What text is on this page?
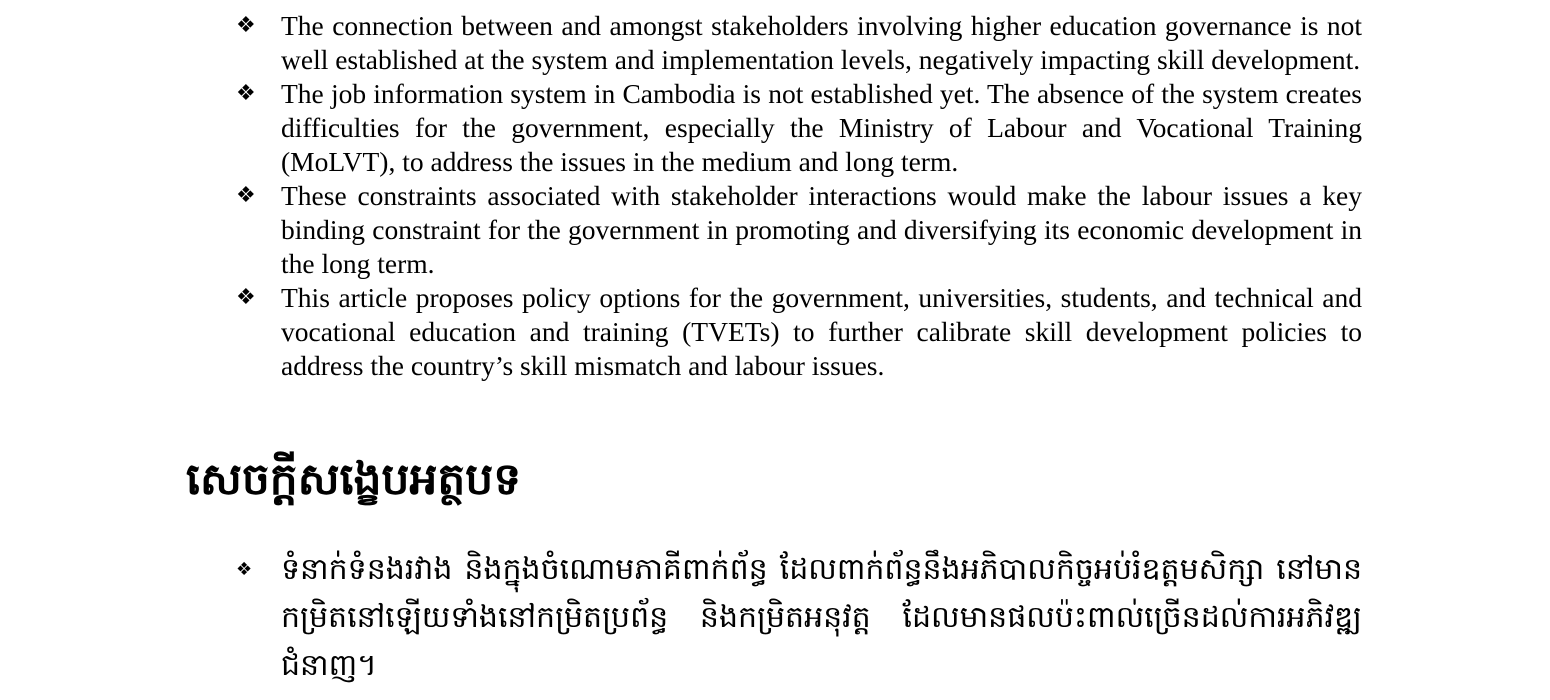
❖ The connection between and amongst stakeholders involving higher education governance is not well established at the system and implementation levels, negatively impacting skill development.
❖ The job information system in Cambodia is not established yet. The absence of the system creates difficulties for the government, especially the Ministry of Labour and Vocational Training (MoLVT), to address the issues in the medium and long term.
❖ These constraints associated with stakeholder interactions would make the labour issues a key binding constraint for the government in promoting and diversifying its economic development in the long term.
❖ This article proposes policy options for the government, universities, students, and technical and vocational education and training (TVETs) to further calibrate skill development policies to address the country’s skill mismatch and labour issues.
សេចក្តីសង្ខេបអត្ថបទ
❖ ទំនាក់ទំនងរវាង និងក្នុងចំណោមភាគីពាក់ព័ន្ធ ដែលពាក់ព័ន្ធនឹងអភិបាលកិច្ចអប់រំឧត្តមសិក្សា នៅមានកម្រិតនៅឡើយទាំងនៅកម្រិតប្រព័ន្ធ និងកម្រិតអនុវត្ត ដែលមានផលប៉ះពាល់ច្រើនដល់ការអភិវឌ្ឍជំនាញ។
